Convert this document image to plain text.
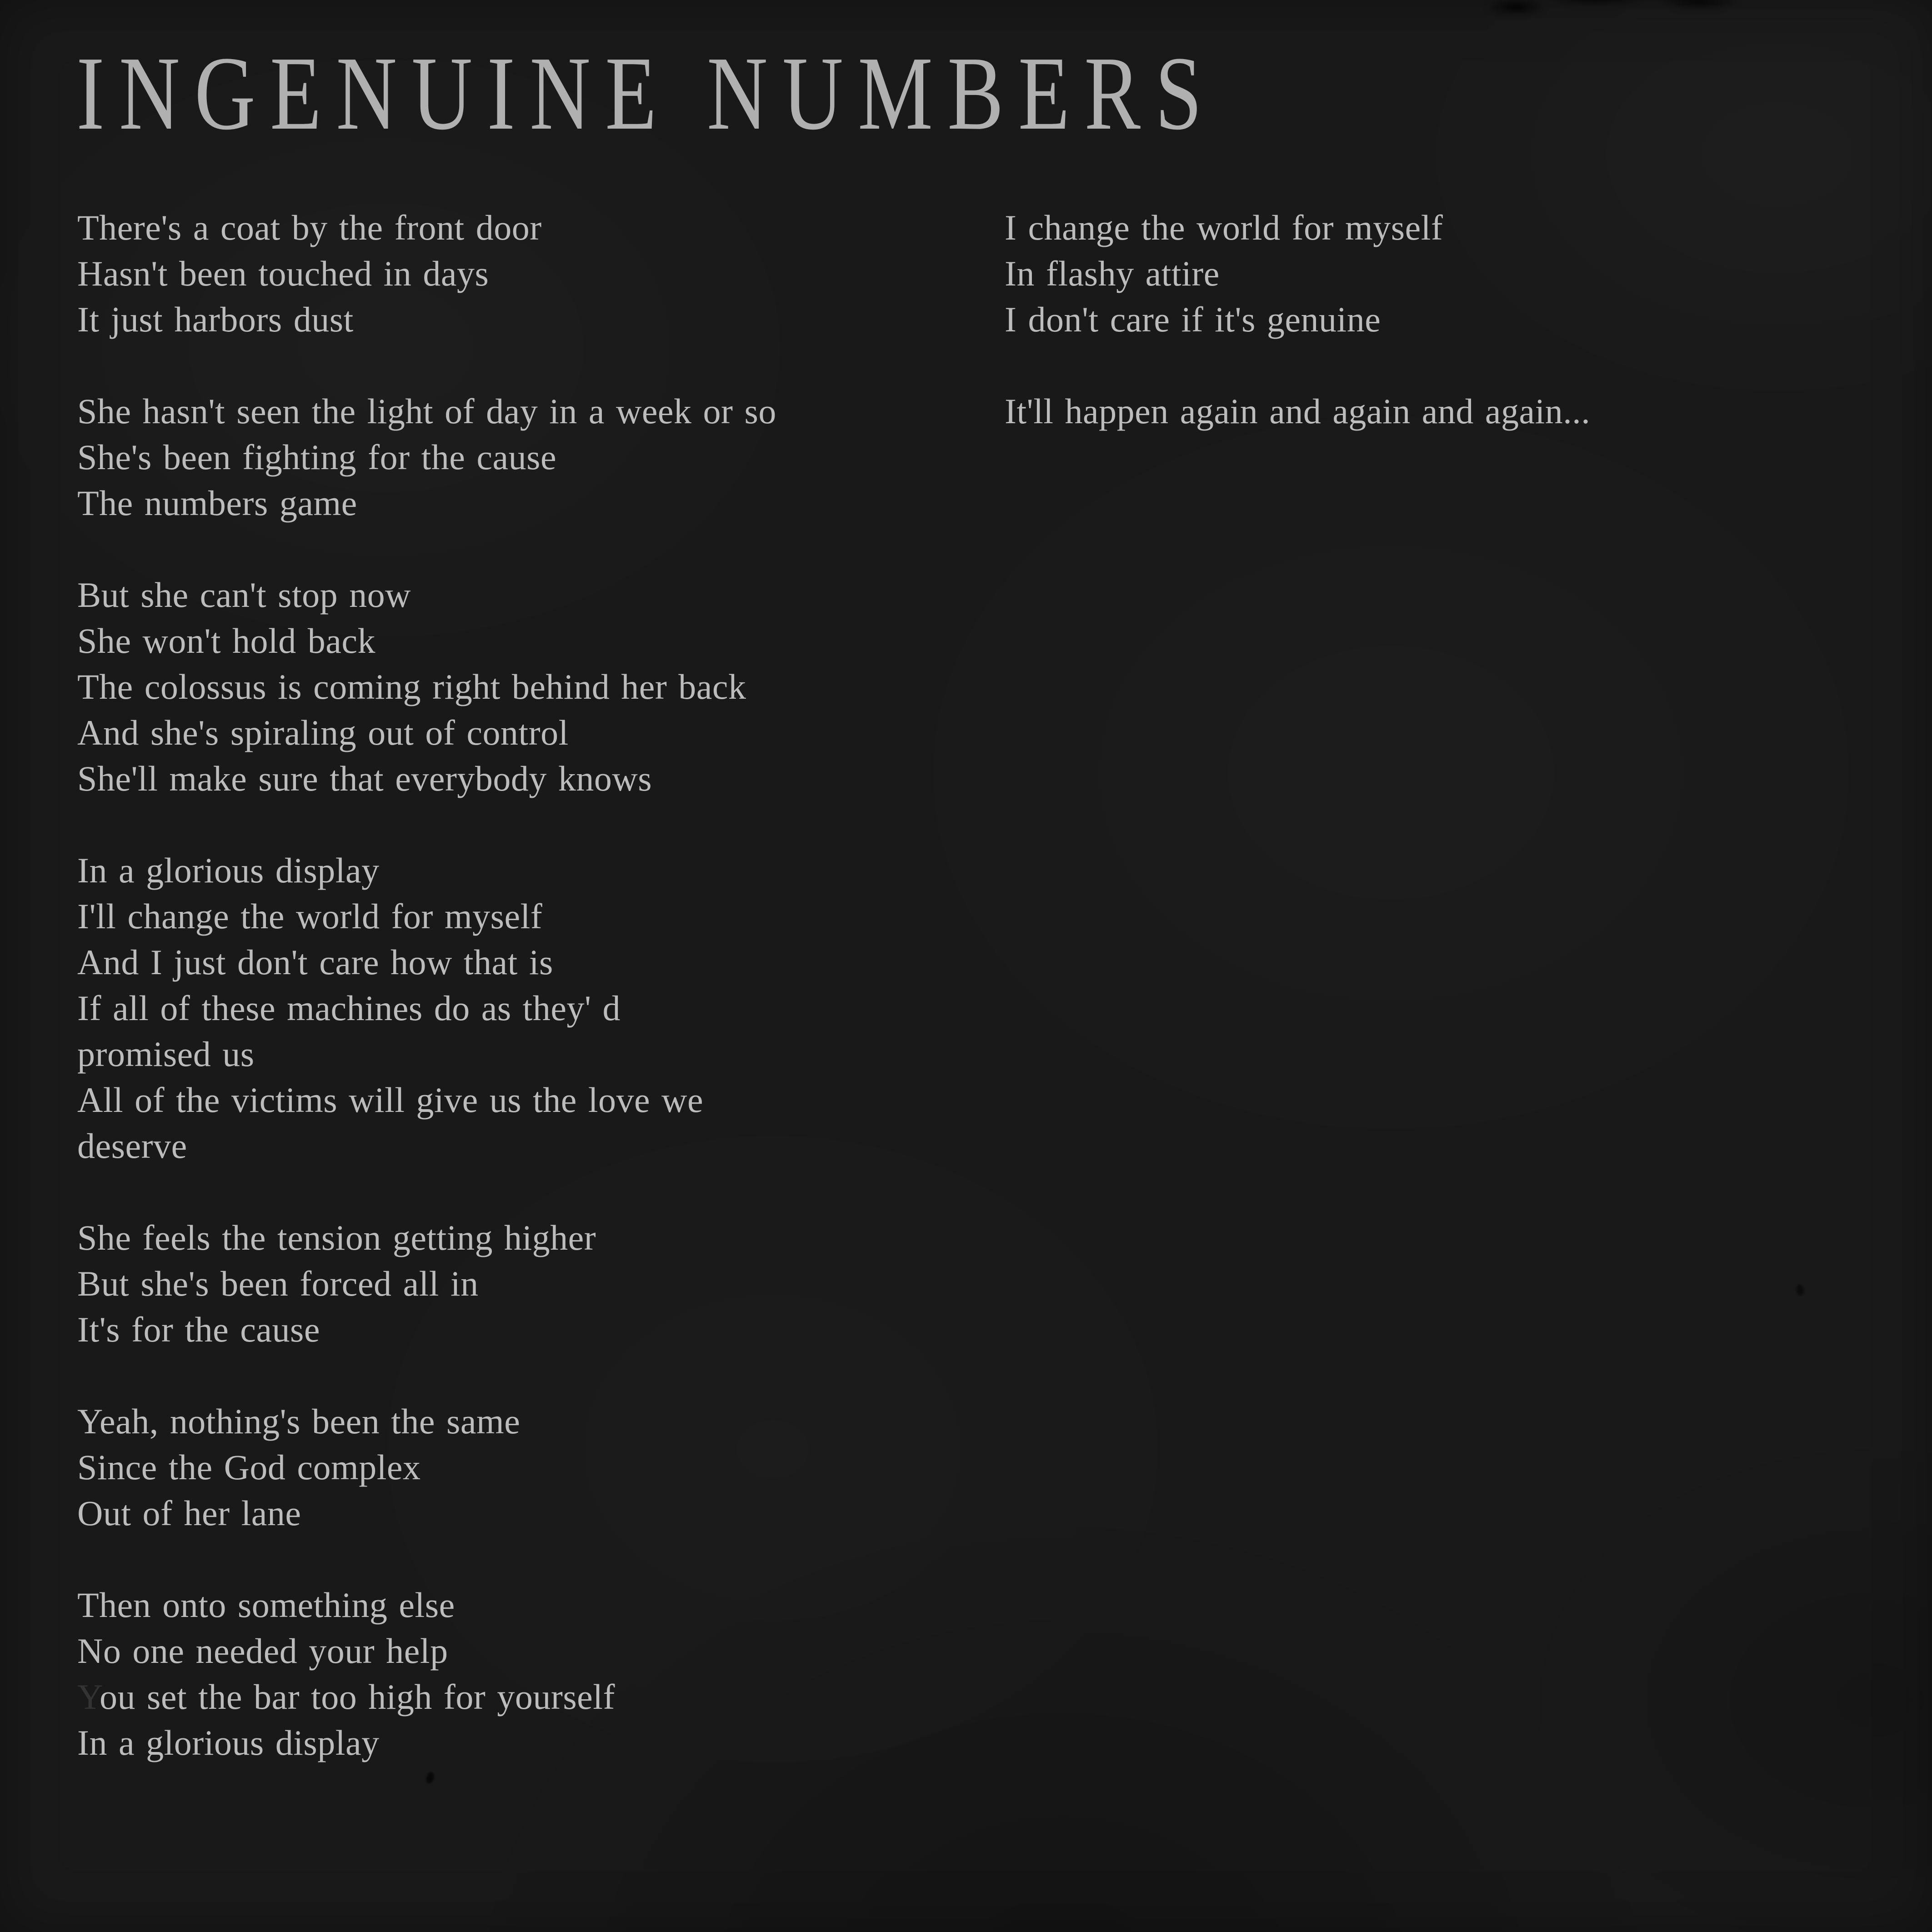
INGENUINE NUMBERS
There's a coat by the front door
Hasn't been touched in days
It just harbors dust
She hasn't seen the light of day in a week or so
She's been fighting for the cause
The numbers game
But she can't stop now
She won't hold back
The colossus is coming right behind her back
And she's spiraling out of control
She'll make sure that everybody knows
In a glorious display
I'll change the world for myself
And I just don't care how that is
If all of these machines do as they' d
promised us
All of the victims will give us the love we
deserve
She feels the tension getting higher
But she's been forced all in
It's for the cause
Yeah, nothing's been the same
Since the God complex
Out of her lane
Then onto something else
No one needed your help
You set the bar too high for yourself
In a glorious display
I change the world for myself
In flashy attire
I don't care if it's genuine
It'll happen again and again and again...
